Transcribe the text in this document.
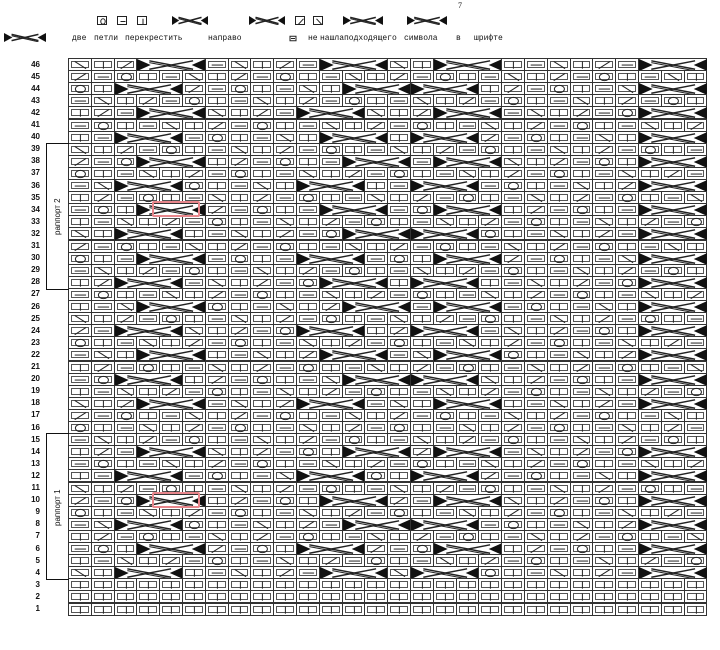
7
две петли перекрестить	направо	не нашла подходящего символа в шрифте
46
45
44
43
42
41
40
39
38
37
36
35
34
33
32
31
30
29
28
27
26
25
24
23
22
21
20
19
18
17
16
15
14
13
12
11
10
9
8
7
6
5
4
3
2
1
раппорт 2
раппорт 1
